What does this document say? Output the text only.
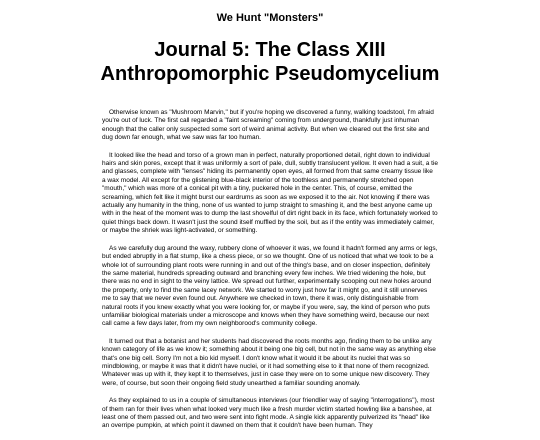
We Hunt "Monsters"
Journal 5: The Class XIII
Anthropomorphic Pseudomycelium

Otherwise known as "Mushroom Marvin," but if you're hoping we discovered a funny, walking toadstool, I'm afraid you're out of luck. The first call regarded a "faint screaming" coming from underground, thankfully just inhuman enough that the caller only suspected some sort of weird animal activity. But when we cleared out the first site and dug down far enough, what we saw was far too human.

It looked like the head and torso of a grown man in perfect, naturally proportioned detail, right down to individual hairs and skin pores, except that it was uniformly a sort of pale, dull, subtly translucent yellow. It even had a suit, a tie and glasses, complete with "lenses" hiding its permanently open eyes, all formed from that same creamy tissue like a wax model. All except for the glistening blue-black interior of the toothless and permanently stretched open "mouth," which was more of a conical pit with a tiny, puckered hole in the center. This, of course, emitted the screaming, which felt like it might burst our eardrums as soon as we exposed it to the air. Not knowing if there was actually any humanity in the thing, none of us wanted to jump straight to smashing it, and the best anyone came up with in the heat of the moment was to dump the last shovelful of dirt right back in its face, which fortunately worked to quiet things back down. It wasn't just the sound itself muffled by the soil, but as if the entity was immediately calmer, or maybe the shriek was light-activated, or something.

As we carefully dug around the waxy, rubbery clone of whoever it was, we found it hadn't formed any arms or legs, but ended abruptly in a flat stump, like a chess piece, or so we thought. One of us noticed that what we took to be a whole lot of surrounding plant roots were running in and out of the thing's base, and on closer inspection, definitely the same material, hundreds spreading outward and branching every few inches. We tried widening the hole, but there was no end in sight to the veiny lattice. We spread out further, experimentally scooping out new holes around the property, only to find the same lacey network. We started to worry just how far it might go, and it still unnerves me to say that we never even found out. Anywhere we checked in town, there it was, only distinguishable from natural roots if you knew exactly what you were looking for, or maybe if you were, say, the kind of person who puts unfamiliar biological materials under a microscope and knows when they have something weird, because our next call came a few days later, from my own neighborood's community college.

It turned out that a botanist and her students had discovered the roots months ago, finding them to be unlike any known category of life as we know it; something about it being one big cell, but not in the same way as anything else that's one big cell. Sorry I'm not a bio kid myself. I don't know what it would it be about its nuclei that was so mindblowing, or maybe it was that it didn't have nuclei, or it had something else to it that none of them recognized. Whatever was up with it, they kept it to themselves, just in case they were on to some unique new discovery. They were, of course, but soon their ongoing field study unearthed a familiar sounding anomaly.

As they explained to us in a couple of simultaneous interviews (our friendlier way of saying "interrogations"), most of them ran for their lives when what looked very much like a fresh murder victim started howling like a banshee, at least one of them passed out, and two were sent into fight mode. A single kick apparently pulverized its "head" like an overripe pumpkin, at which point it dawned on them that it couldn't have been human. They
